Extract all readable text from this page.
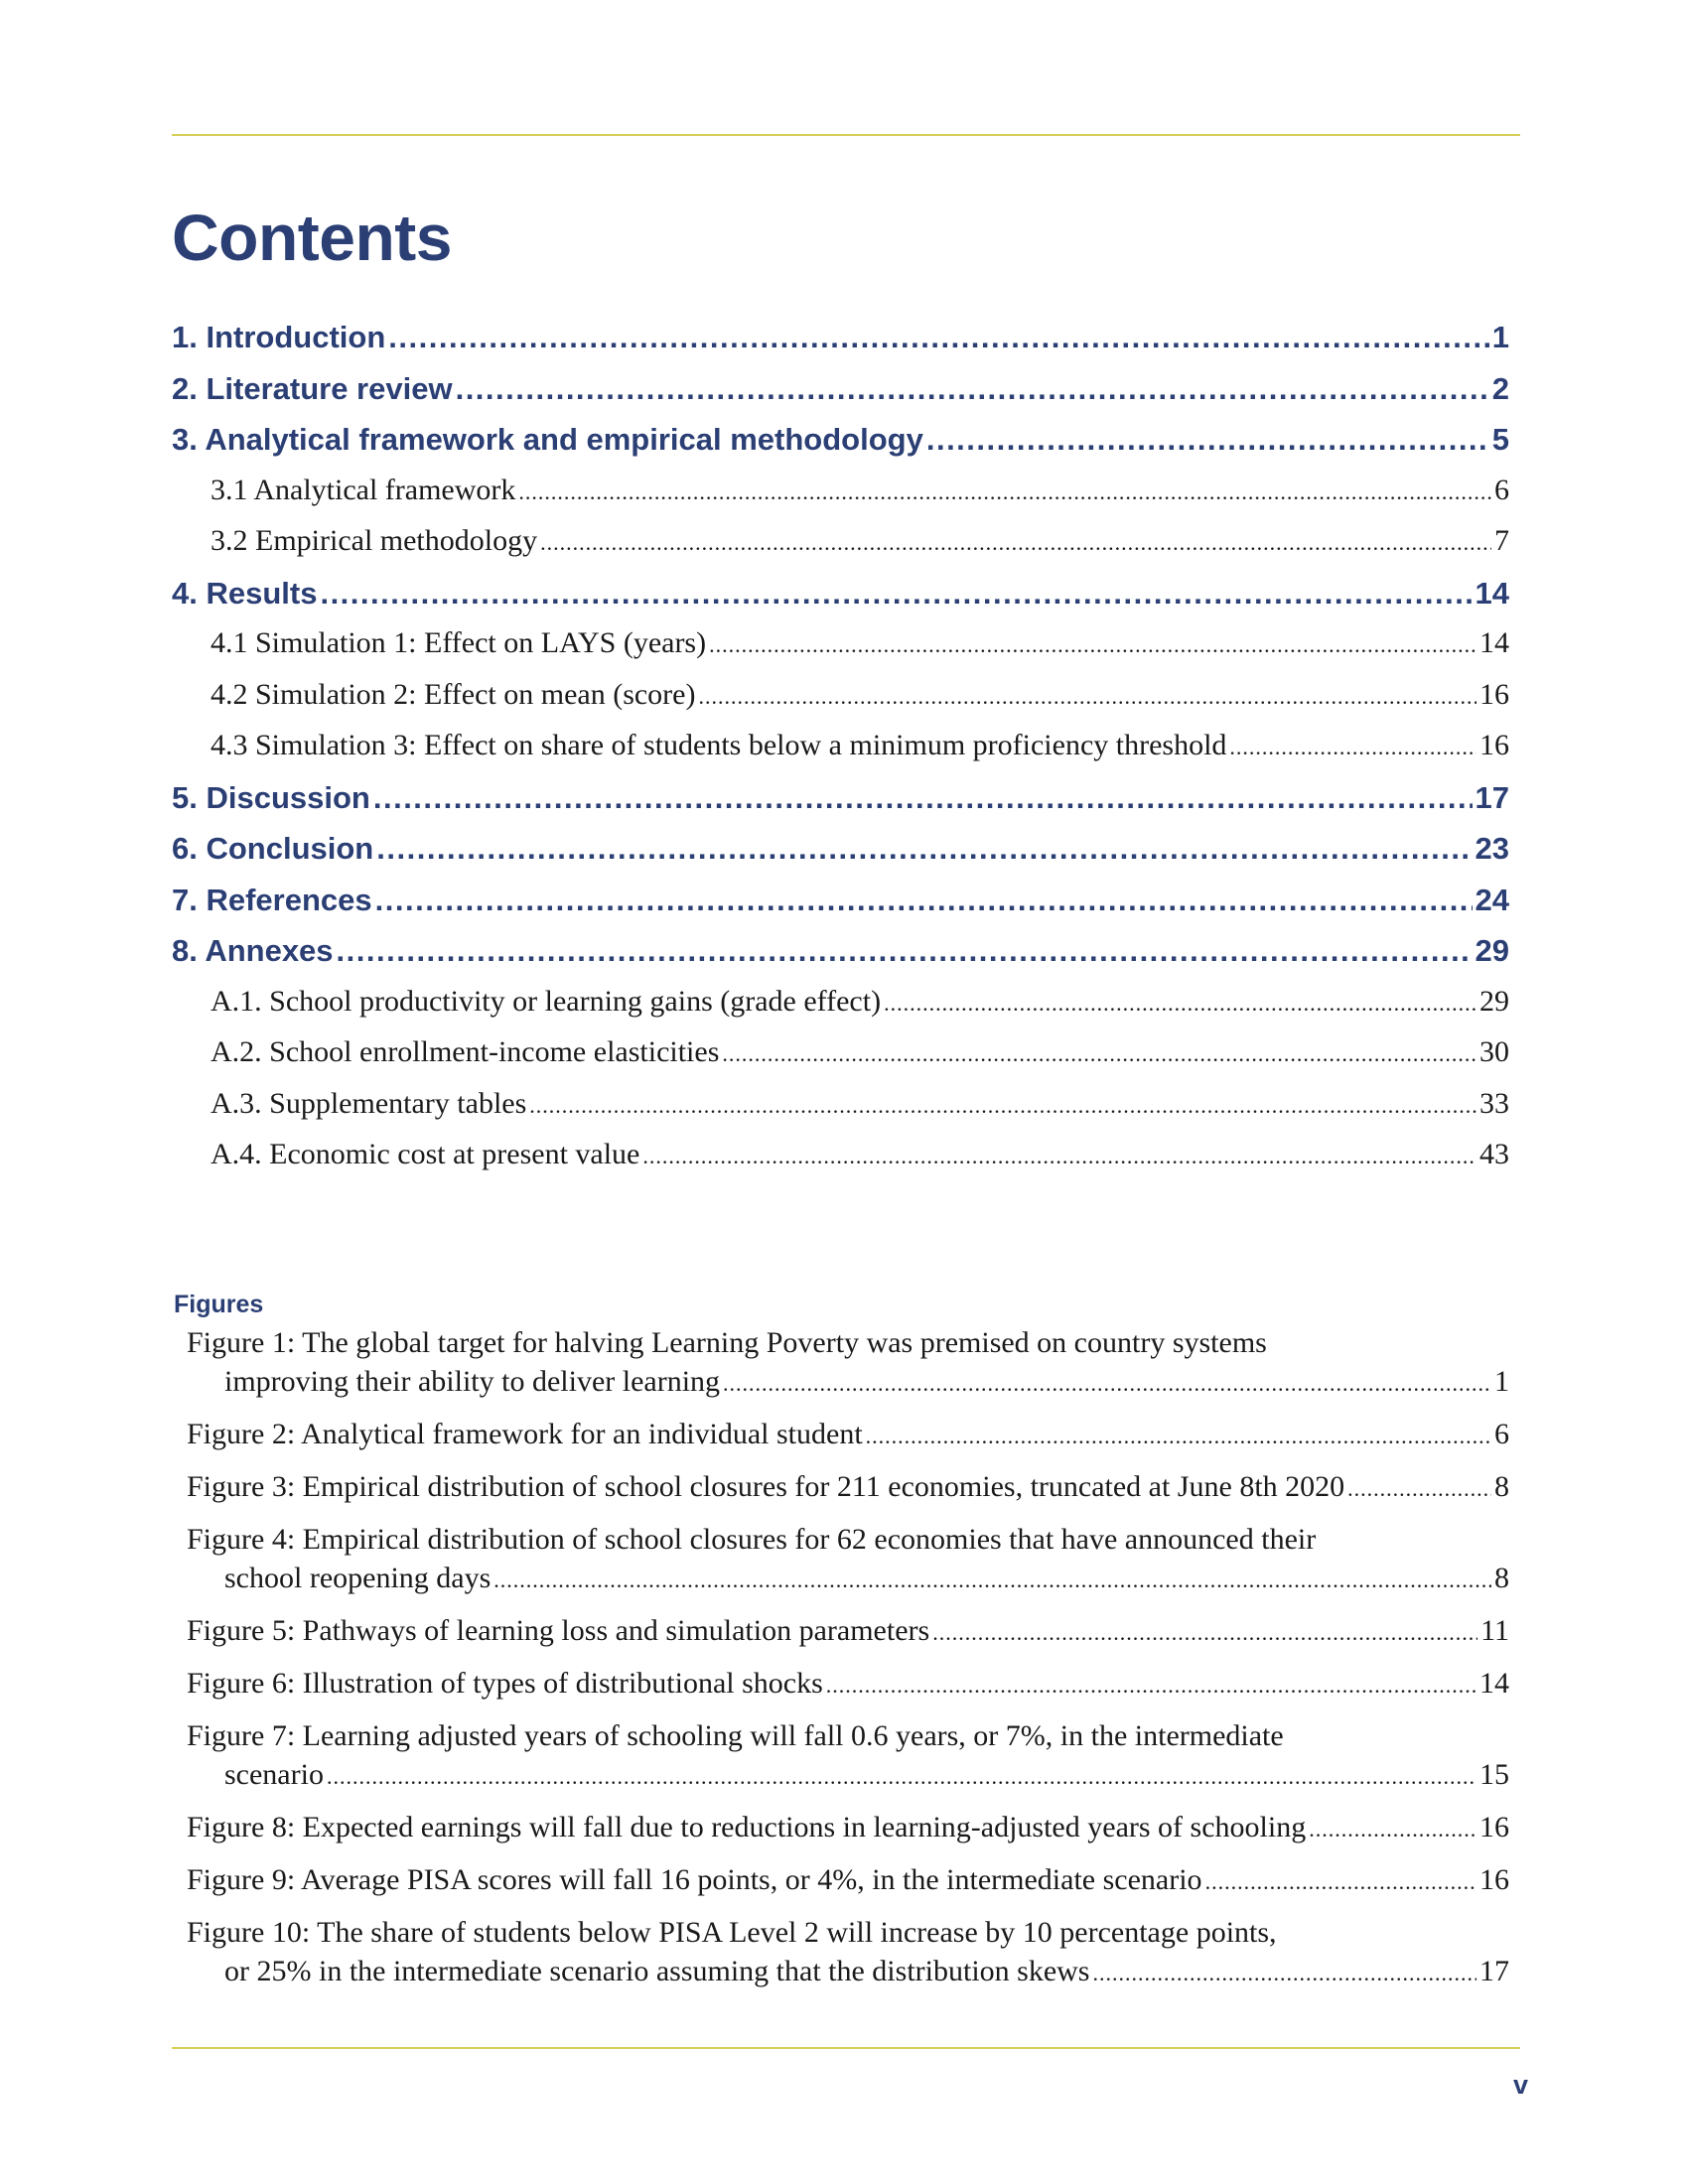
Contents
1. Introduction .....	1
2. Literature review .....	2
3. Analytical framework and empirical methodology .....	5
3.1 Analytical framework .....	6
3.2 Empirical methodology .....	7
4. Results .....	14
4.1 Simulation 1: Effect on LAYS (years) .....	14
4.2 Simulation 2: Effect on mean (score) .....	16
4.3 Simulation 3: Effect on share of students below a minimum proficiency threshold .....	16
5. Discussion .....	17
6. Conclusion .....	23
7. References .....	24
8. Annexes .....	29
A.1. School productivity or learning gains (grade effect) .....	29
A.2. School enrollment-income elasticities .....	30
A.3. Supplementary tables .....	33
A.4. Economic cost at present value .....	43
Figures
Figure 1: The global target for halving Learning Poverty was premised on country systems
improving their ability to deliver learning .....	1
Figure 2: Analytical framework for an individual student .....	6
Figure 3: Empirical distribution of school closures for 211 economies, truncated at June 8th 2020 .....	8
Figure 4: Empirical distribution of school closures for 62 economies that have announced their
school reopening days .....	8
Figure 5: Pathways of learning loss and simulation parameters .....	11
Figure 6: Illustration of types of distributional shocks .....	14
Figure 7: Learning adjusted years of schooling will fall 0.6 years, or 7%, in the intermediate
scenario .....	15
Figure 8: Expected earnings will fall due to reductions in learning-adjusted years of schooling .....	16
Figure 9: Average PISA scores will fall 16 points, or 4%, in the intermediate scenario .....	16
Figure 10: The share of students below PISA Level 2 will increase by 10 percentage points,
or 25% in the intermediate scenario assuming that the distribution skews .....	17
v
